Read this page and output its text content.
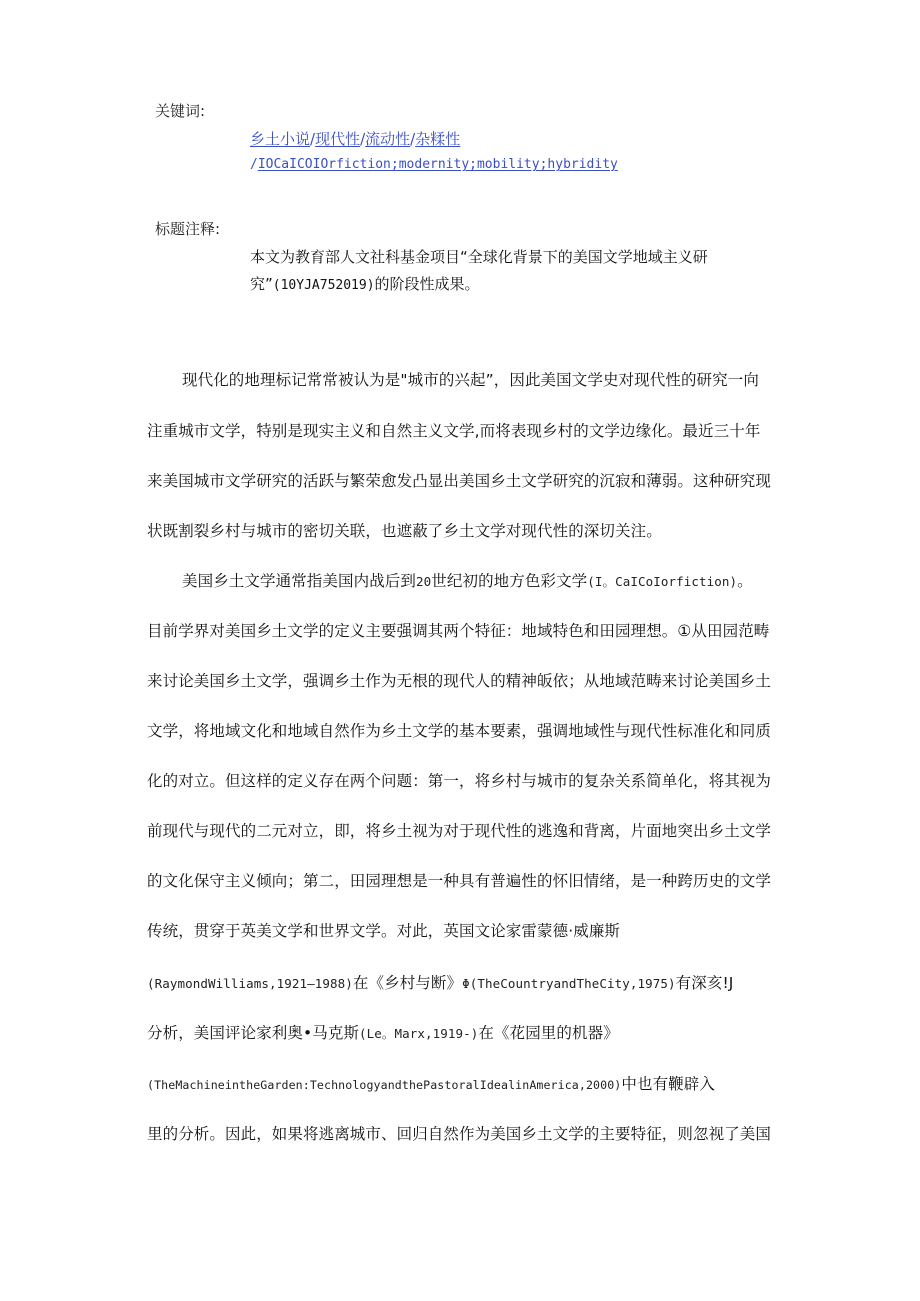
关键词:
乡土小说/现代性/流动性/杂糅性
/IOCaICOIOrfiction;modernity;mobility;hybridity
标题注释:
本文为教育部人文社科基金项目“全球化背景下的美国文学地域主义研
究”(10YJA752019)的阶段性成果。
现代化的地理标记常常被认为是"城市的兴起”，因此美国文学史对现代性的研究一向
注重城市文学，特别是现实主义和自然主义文学,而将表现乡村的文学边缘化。最近三十年
来美国城市文学研究的活跃与繁荣愈发凸显出美国乡土文学研究的沉寂和薄弱。这种研究现
状既割裂乡村与城市的密切关联，也遮蔽了乡土文学对现代性的深切关注。
美国乡土文学通常指美国内战后到20世纪初的地方色彩文学(I。CaICoIorfiction)。
目前学界对美国乡土文学的定义主要强调其两个特征：地域特色和田园理想。①从田园范畴
来讨论美国乡土文学，强调乡土作为无根的现代人的精神皈依；从地域范畴来讨论美国乡土
文学，将地域文化和地域自然作为乡土文学的基本要素，强调地域性与现代性标准化和同质
化的对立。但这样的定义存在两个问题：第一，将乡村与城市的复杂关系简单化，将其视为
前现代与现代的二元对立，即，将乡土视为对于现代性的逃逸和背离，片面地突出乡土文学
的文化保守主义倾向；第二，田园理想是一种具有普遍性的怀旧情绪，是一种跨历史的文学
传统，贯穿于英美文学和世界文学。对此，英国文论家雷蒙德·威廉斯
(RaymondWilliams,1921—1988)在《乡村与断》Φ(TheCountryandTheCity,1975)有深亥!J
分析，美国评论家利奥•马克斯(Le。Marx,1919-)在《花园里的机器》
(TheMachineintheGarden:TechnologyandthePastoralIdealinAmerica,2000)中也有鞭辟入
里的分析。因此，如果将逃离城市、回归自然作为美国乡土文学的主要特征，则忽视了美国
